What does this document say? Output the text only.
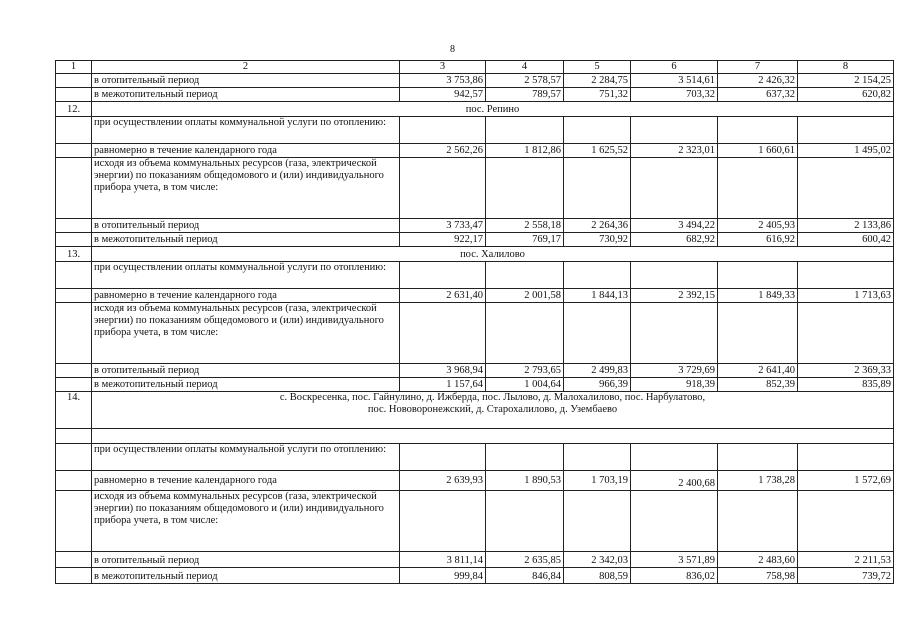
8
1	2	3	4	5	6	7	8
	в отопительный период	3 753,86	2 578,57	2 284,75	3 514,61	2 426,32	2 154,25
	в межотопительный период	942,57	789,57	751,32	703,32	637,32	620,82
12.	пос. Репино						
	при осуществлении оплаты коммунальной услуги по отоплению:						
	равномерно в течение календарного года	2 562,26	1 812,86	1 625,52	2 323,01	1 660,61	1 495,02
	исходя из объема коммунальных ресурсов (газа, электрической энергии) по показаниям общедомового и (или) индивидуального прибора учета, в том числе:						
	в отопительный период	3 733,47	2 558,18	2 264,36	3 494,22	2 405,93	2 133,86
	в межотопительный период	922,17	769,17	730,92	682,92	616,92	600,42
13.	пос. Халилово						
	при осуществлении оплаты коммунальной услуги по отоплению:						
	равномерно в течение календарного года	2 631,40	2 001,58	1 844,13	2 392,15	1 849,33	1 713,63
	исходя из объема коммунальных ресурсов (газа, электрической энергии) по показаниям общедомового и (или) индивидуального прибора учета, в том числе:						
	в отопительный период	3 968,94	2 793,65	2 499,83	3 729,69	2 641,40	2 369,33
	в межотопительный период	1 157,64	1 004,64	966,39	918,39	852,39	835,89
14.	с. Воскресенка, пос. Гайнулино, д. Ижберда, пос. Лылово, д. Малохалилово, пос. Нарбулатово,
пос. Нововоронежский, д. Старохалилово, д. Узембаево						

	при осуществлении оплаты коммунальной услуги по отоплению:						
	равномерно в течение календарного года	2 639,93	1 890,53	1 703,19	2 400,68	1 738,28	1 572,69
	исходя из объема коммунальных ресурсов (газа, электрической энергии) по показаниям общедомового и (или) индивидуального прибора учета, в том числе:						
	в отопительный период	3 811,14	2 635,85	2 342,03	3 571,89	2 483,60	2 211,53
	в межотопительный период	999,84	846,84	808,59	836,02	758,98	739,72
